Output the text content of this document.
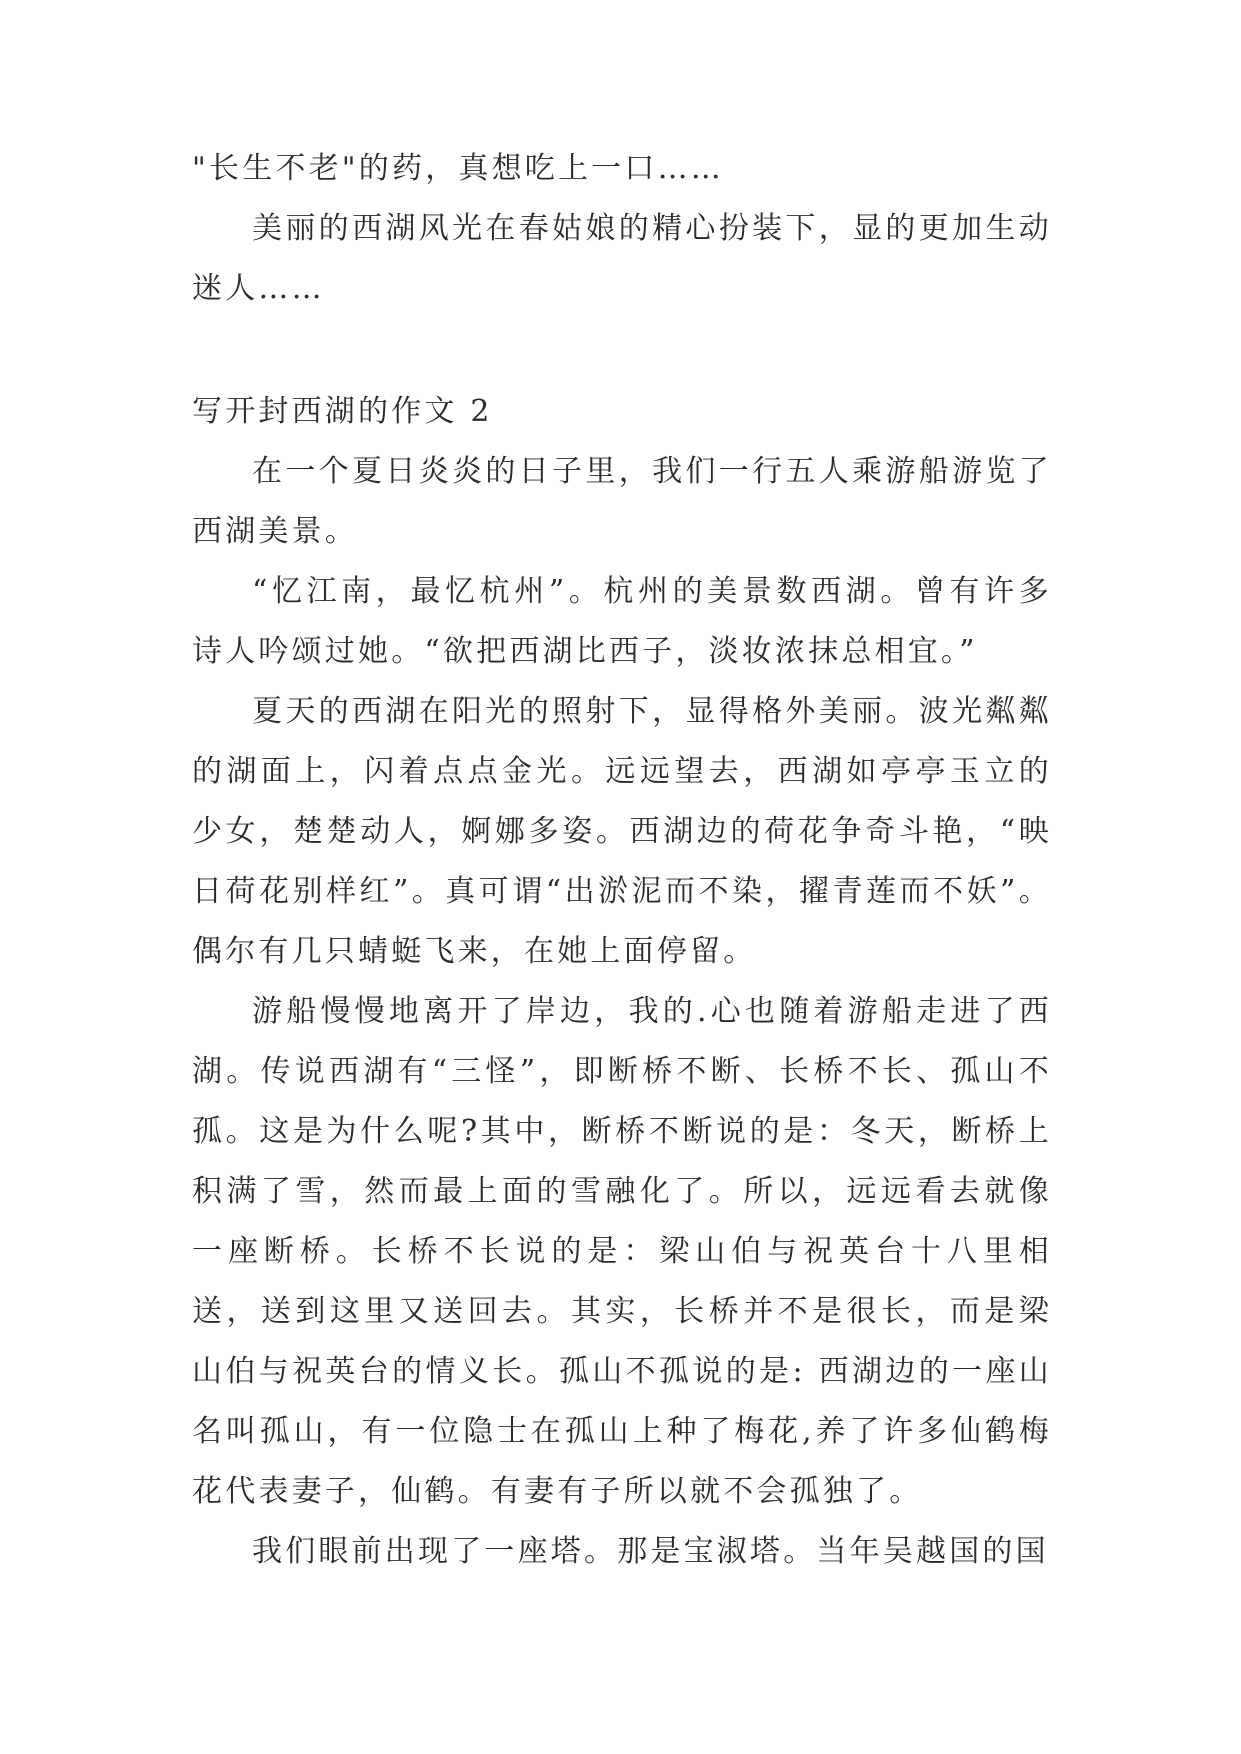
"长生不老"的药，真想吃上一口……

美丽的西湖风光在春姑娘的精心扮装下，显的更加生动迷人……

写开封西湖的作文 2

在一个夏日炎炎的日子里，我们一行五人乘游船游览了西湖美景。

“忆江南，最忆杭州”。杭州的美景数西湖。曾有许多诗人吟颂过她。“欲把西湖比西子，淡妆浓抹总相宜。”

夏天的西湖在阳光的照射下，显得格外美丽。波光粼粼的湖面上，闪着点点金光。远远望去，西湖如亭亭玉立的少女，楚楚动人，婀娜多姿。西湖边的荷花争奇斗艳，“映日荷花别样红”。真可谓“出淤泥而不染，擢青莲而不妖”。偶尔有几只蜻蜓飞来，在她上面停留。

游船慢慢地离开了岸边，我的.心也随着游船走进了西湖。传说西湖有“三怪”，即断桥不断、长桥不长、孤山不孤。这是为什么呢?其中，断桥不断说的是：冬天，断桥上积满了雪，然而最上面的雪融化了。所以，远远看去就像一座断桥。长桥不长说的是：梁山伯与祝英台十八里相送，送到这里又送回去。其实，长桥并不是很长，而是梁山伯与祝英台的情义长。孤山不孤说的是: 西湖边的一座山名叫孤山，有一位隐士在孤山上种了梅花,养了许多仙鹤梅花代表妻子，仙鹤。有妻有子所以就不会孤独了。

我们眼前出现了一座塔。那是宝淑塔。当年吴越国的国
